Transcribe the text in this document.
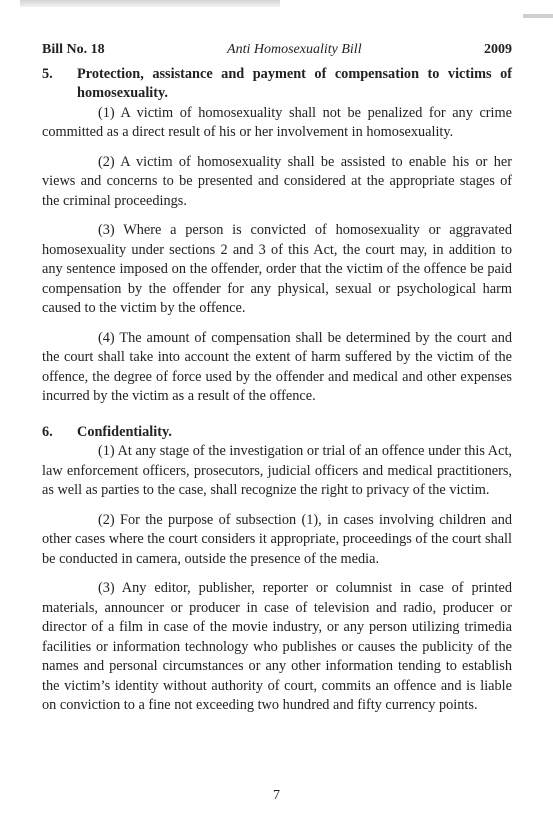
Bill No. 18	Anti Homosexuality Bill	2009
5.	Protection, assistance and payment of compensation to victims of homosexuality.

(1) A victim of homosexuality shall not be penalized for any crime committed as a direct result of his or her involvement in homosexuality.

(2) A victim of homosexuality shall be assisted to enable his or her views and concerns to be presented and considered at the appropriate stages of the criminal proceedings.

(3) Where a person is convicted of homosexuality or aggravated homosexuality under sections 2 and 3 of this Act, the court may, in addition to any sentence imposed on the offender, order that the victim of the offence be paid compensation by the offender for any physical, sexual or psychological harm caused to the victim by the offence.

(4) The amount of compensation shall be determined by the court and the court shall take into account the extent of harm suffered by the victim of the offence, the degree of force used by the offender and medical and other expenses incurred by the victim as a result of the offence.

6.	Confidentiality.

(1) At any stage of the investigation or trial of an offence under this Act, law enforcement officers, prosecutors, judicial officers and medical practitioners, as well as parties to the case, shall recognize the right to privacy of the victim.

(2) For the purpose of subsection (1), in cases involving children and other cases where the court considers it appropriate, proceedings of the court shall be conducted in camera, outside the presence of the media.

(3) Any editor, publisher, reporter or columnist in case of printed materials, announcer or producer in case of television and radio, producer or director of a film in case of the movie industry, or any person utilizing trimedia facilities or information technology who publishes or causes the publicity of the names and personal circumstances or any other information tending to establish the victim’s identity without authority of court, commits an offence and is liable on conviction to a fine not exceeding two hundred and fifty currency points.

7
